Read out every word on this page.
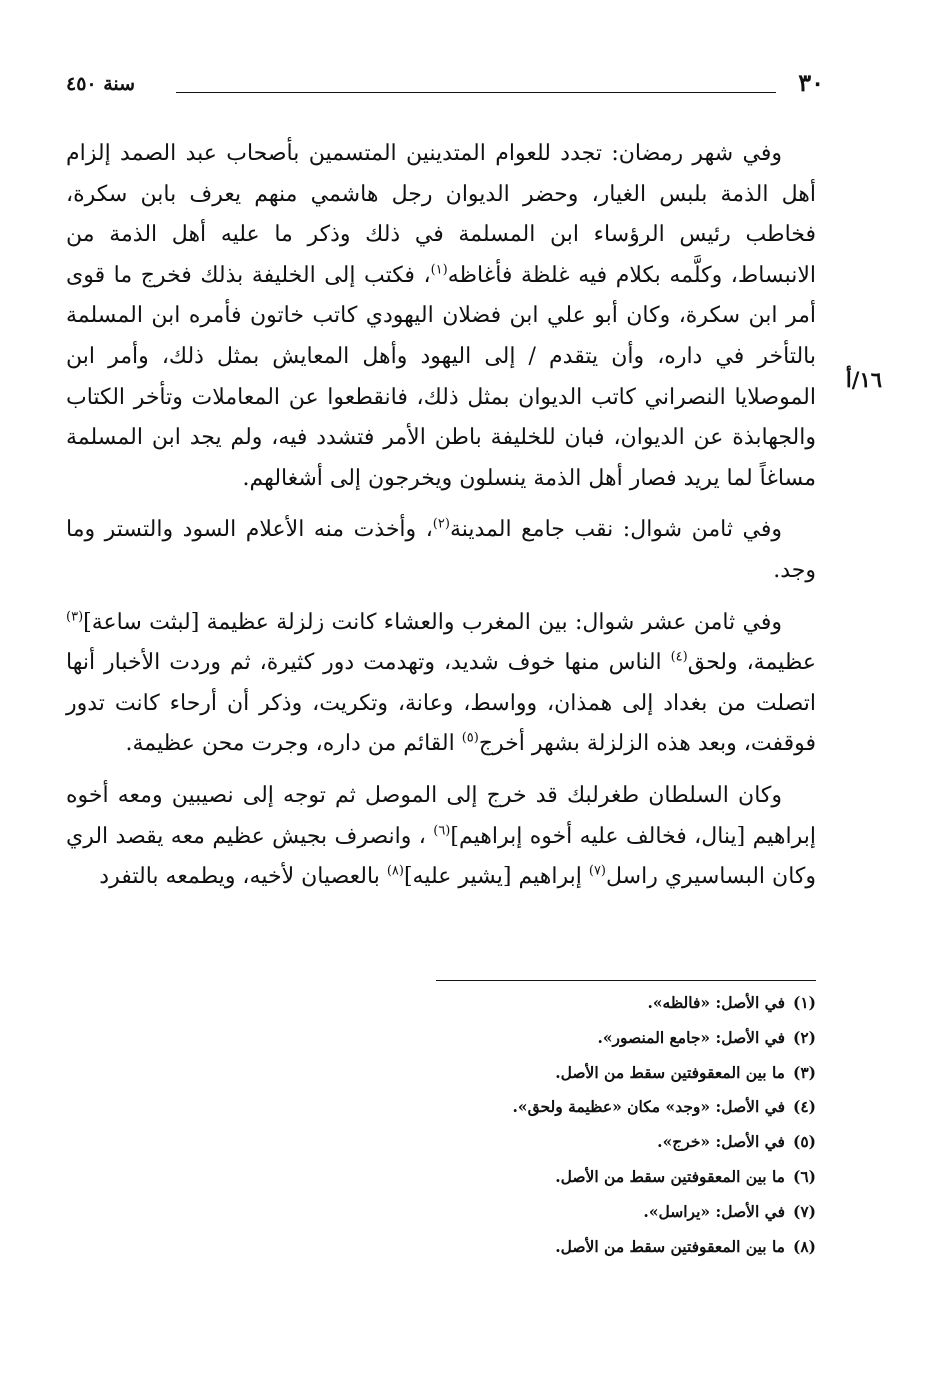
٣٠
سنة ٤٥٠
١٦/أ

وفي شهر رمضان: تجدد للعوام المتدينين المتسمين بأصحاب عبد الصمد إلزام أهل الذمة بلبس الغيار، وحضر الديوان رجل هاشمي منهم يعرف بابن سكرة، فخاطب رئيس الرؤساء ابن المسلمة في ذلك وذكر ما عليه أهل الذمة من الانبساط، وكلَّمه بكلام فيه غلظة فأغاظه$^{(١)}$، فكتب إلى الخليفة بذلك فخرج ما قوى أمر ابن سكرة، وكان أبو علي ابن فضلان اليهودي كاتب خاتون فأمره ابن المسلمة بالتأخر في داره، وأن يتقدم / إلى اليهود وأهل المعايش بمثل ذلك، وأمر ابن الموصلايا النصراني كاتب الديوان بمثل ذلك، فانقطعوا عن المعاملات وتأخر الكتاب والجهابذة عن الديوان، فبان للخليفة باطن الأمر فتشدد فيه، ولم يجد ابن المسلمة مساغاً لما يريد فصار أهل الذمة ينسلون ويخرجون إلى أشغالهم.

وفي ثامن شوال: نقب جامع المدينة$^{(٢)}$، وأخذت منه الأعلام السود والتستر وما وجد.

وفي ثامن عشر شوال: بين المغرب والعشاء كانت زلزلة عظيمة [لبثت ساعة]$^{(٣)}$ عظيمة، ولحق$^{(٤)}$ الناس منها خوف شديد، وتهدمت دور كثيرة، ثم وردت الأخبار أنها اتصلت من بغداد إلى همذان، وواسط، وعانة، وتكريت، وذكر أن أرحاء كانت تدور فوقفت، وبعد هذه الزلزلة بشهر أخرج$^{(٥)}$ القائم من داره، وجرت محن عظيمة.

وكان السلطان طغرلبك قد خرج إلى الموصل ثم توجه إلى نصيبين ومعه أخوه إبراهيم [ينال، فخالف عليه أخوه إبراهيم]$^{(٦)}$ ، وانصرف بجيش عظيم معه يقصد الري وكان البساسيري راسل$^{(٧)}$ إبراهيم [يشير عليه]$^{(٨)}$ بالعصيان لأخيه، ويطمعه بالتفرد

(١)في الأصل: «فالظه».
(٢)في الأصل: «جامع المنصور».
(٣)ما بين المعقوفتين سقط من الأصل.
(٤)في الأصل: «وجد» مكان «عظيمة ولحق».
(٥)في الأصل: «خرج».
(٦)ما بين المعقوفتين سقط من الأصل.
(٧)في الأصل: «يراسل».
(٨)ما بين المعقوفتين سقط من الأصل.
